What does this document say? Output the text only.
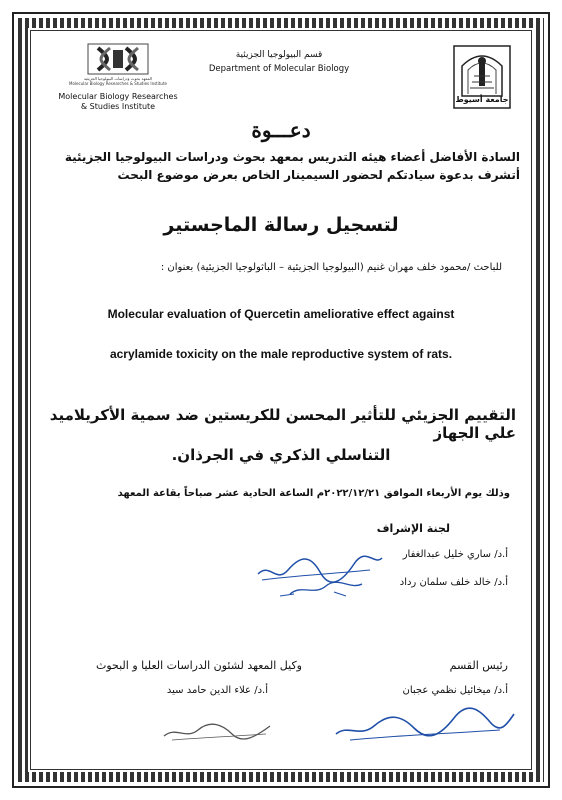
المعهد بحوث ودراسات البيولوجيا الجزيئية
Molecular Biology Researches & Studies Institute
Molecular Biology Researches
& Studies Institute
قسم البيولوجيا الجزيئية
Department of Molecular Biology
جامعة أسيوط
دعـــوة
السادة الأفاضل أعضاء هيئه التدريس بمعهد بحوث ودراسات البيولوجيا الجزيئية
أتشرف بدعوة سيادتكم لحضور السيمينار الخاص بعرض موضوع البحث
لتسجيل رسالة الماجستير
للباحث /محمود خلف مهران غنيم (البيولوجيا الجزيئية – الباثولوجيا الجزيئية) بعنوان :
Molecular evaluation of Quercetin ameliorative effect against
acrylamide toxicity on the male reproductive system of rats.
التقييم الجزيئي للتأثير المحسن للكريستين ضد سمية الأكريلاميد علي الجهاز
التناسلي الذكري في الجرذان.
وذلك يوم الأربعاء الموافق ٢٠٢٢/١٢/٢١م الساعة الحادية عشر صباحاً بقاعة المعهد
لجنة الإشراف
أ.د/ ساري خليل عبدالغفار
أ.د/ خالد خلف سلمان رداد
رئيس القسم
أ.د/ ميخائيل نظمي عجبان
وكيل المعهد لشئون الدراسات العليا و البحوث
أ.د/ علاء الدين حامد سيد
